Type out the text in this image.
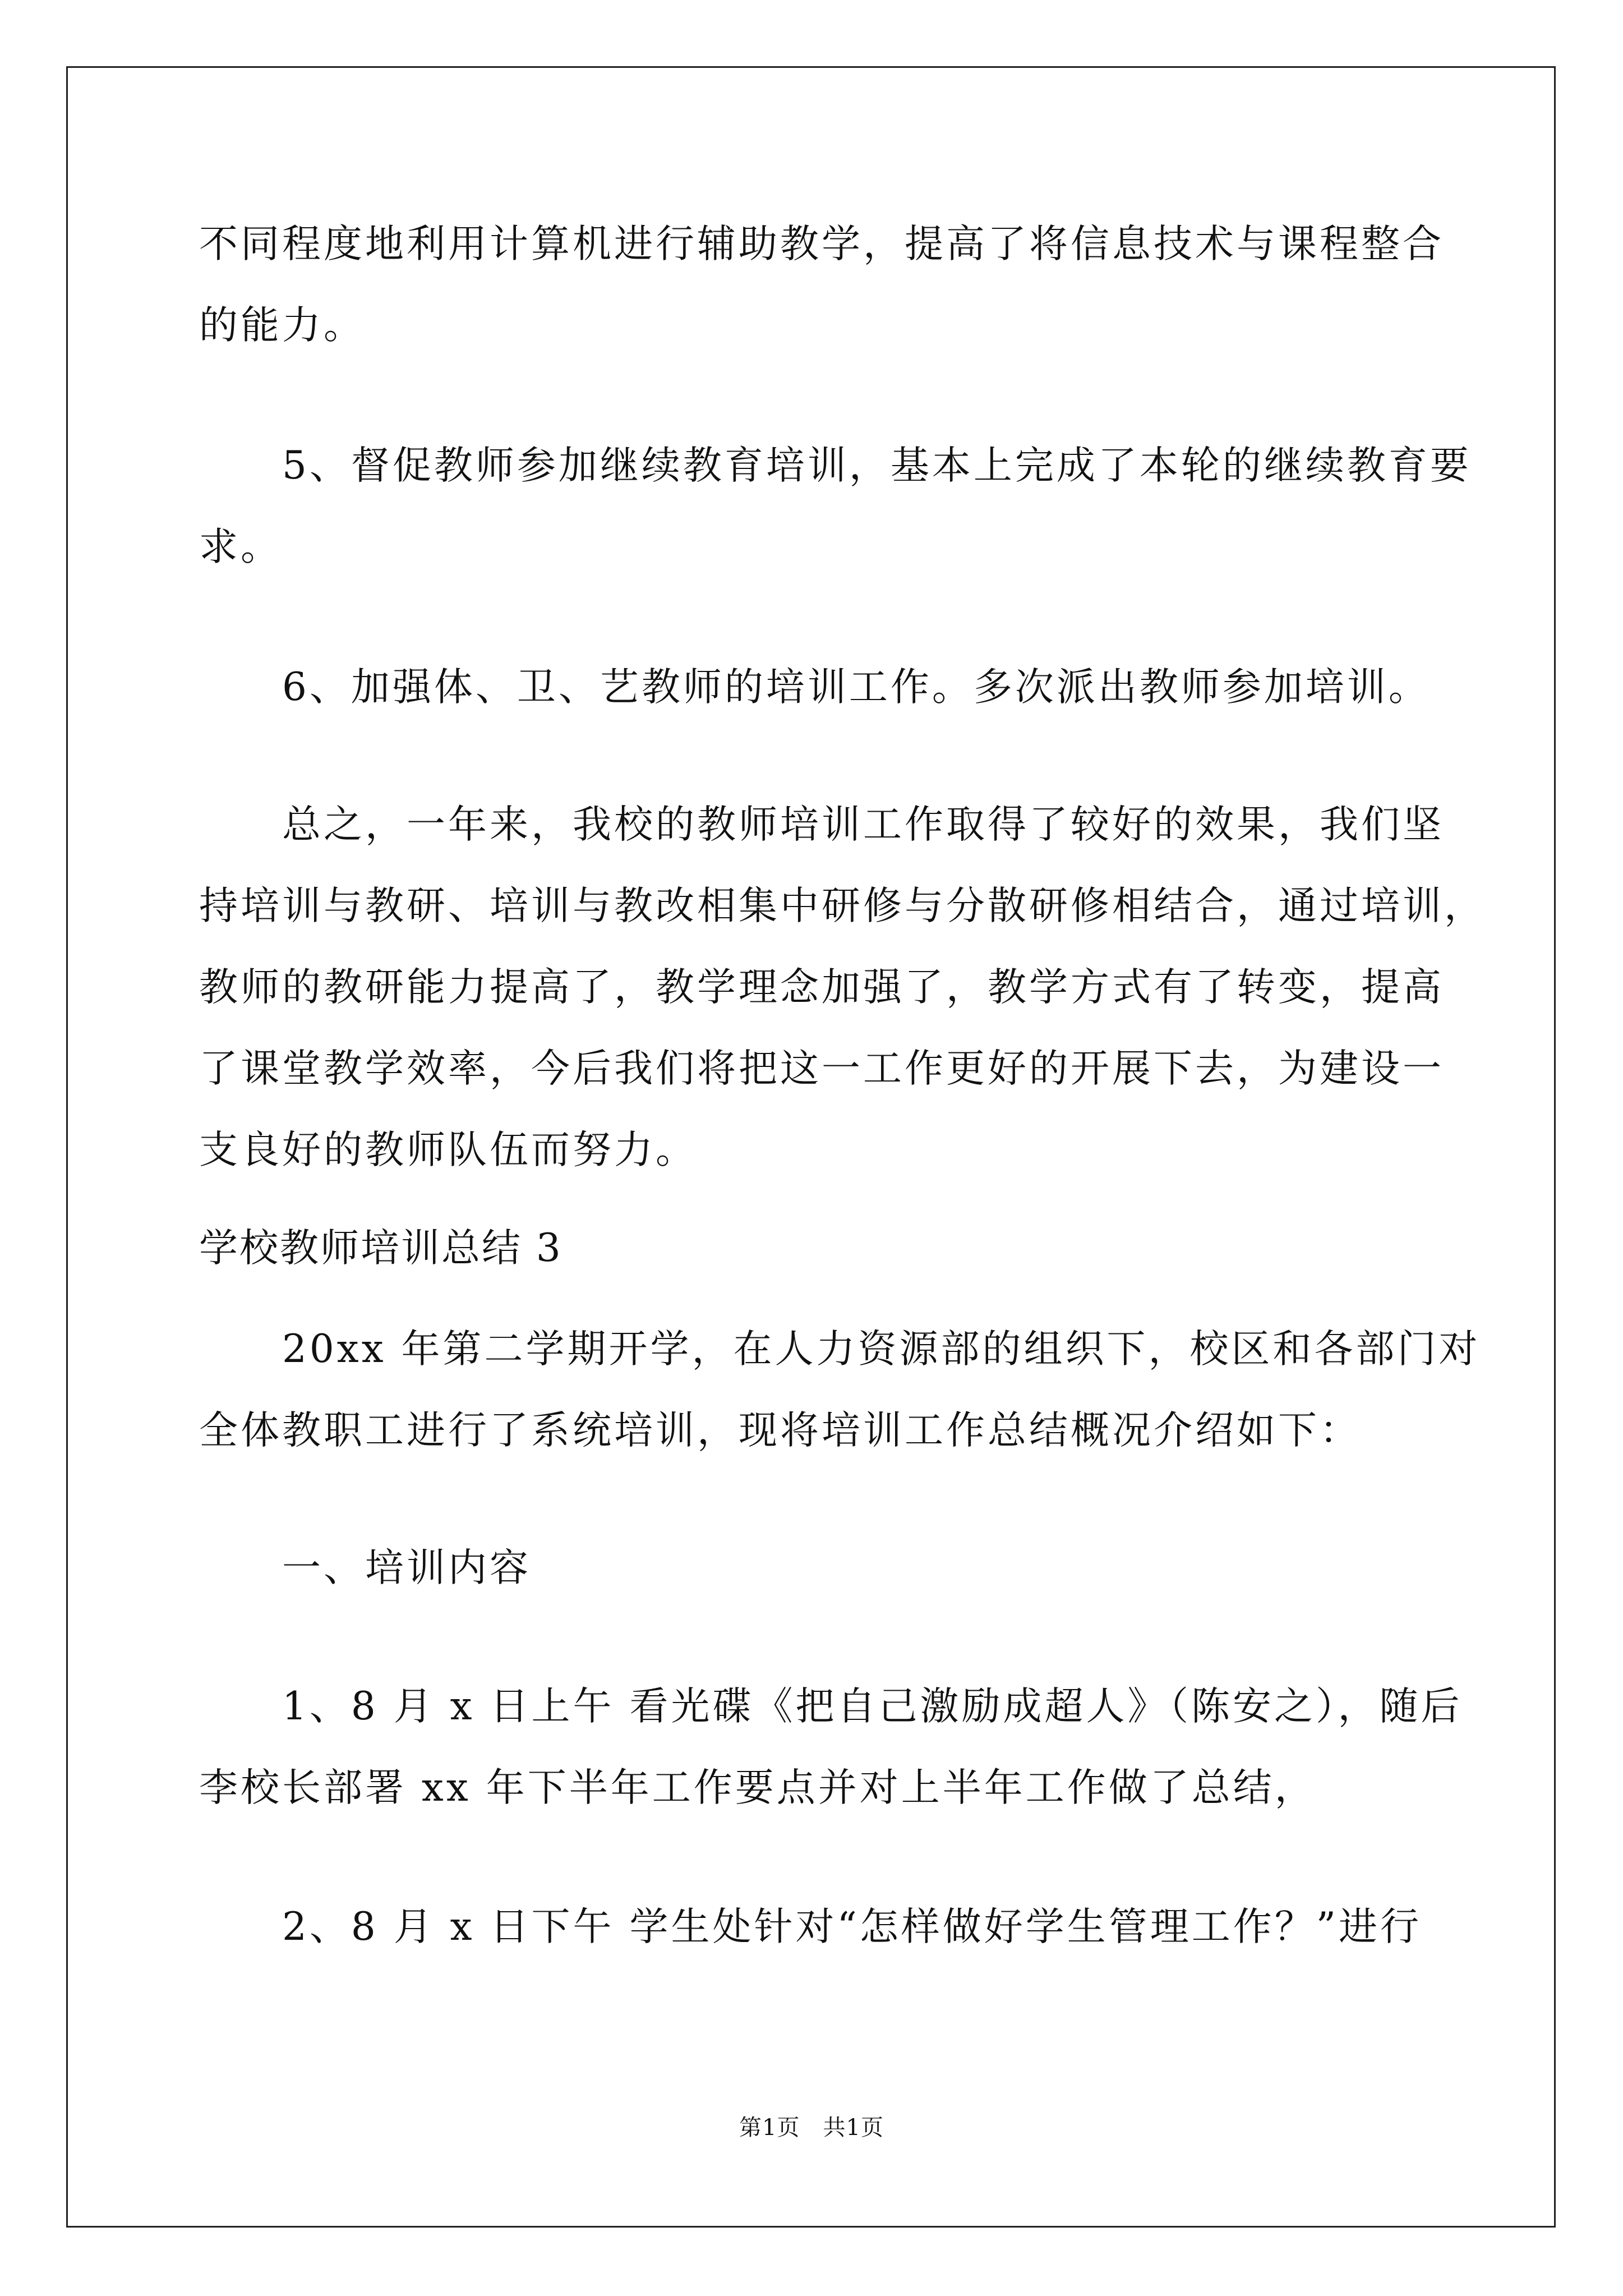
不同程度地利用计算机进行辅助教学，提高了将信息技术与课程整合
的能力。
5、督促教师参加继续教育培训，基本上完成了本轮的继续教育要
求。
6、加强体、卫、艺教师的培训工作。多次派出教师参加培训。
总之，一年来，我校的教师培训工作取得了较好的效果，我们坚
持培训与教研、培训与教改相集中研修与分散研修相结合，通过培训，
教师的教研能力提高了，教学理念加强了，教学方式有了转变，提高
了课堂教学效率，今后我们将把这一工作更好的开展下去，为建设一
支良好的教师队伍而努力。
学校教师培训总结 3
20xx 年第二学期开学，在人力资源部的组织下，校区和各部门对
全体教职工进行了系统培训，现将培训工作总结概况介绍如下：
一、培训内容
1、8 月 x 日上午 看光碟《把自己激励成超人》（陈安之），随后
李校长部署 xx 年下半年工作要点并对上半年工作做了总结，
2、8 月 x 日下午 学生处针对“怎样做好学生管理工作？”进行
第1页　共1页
